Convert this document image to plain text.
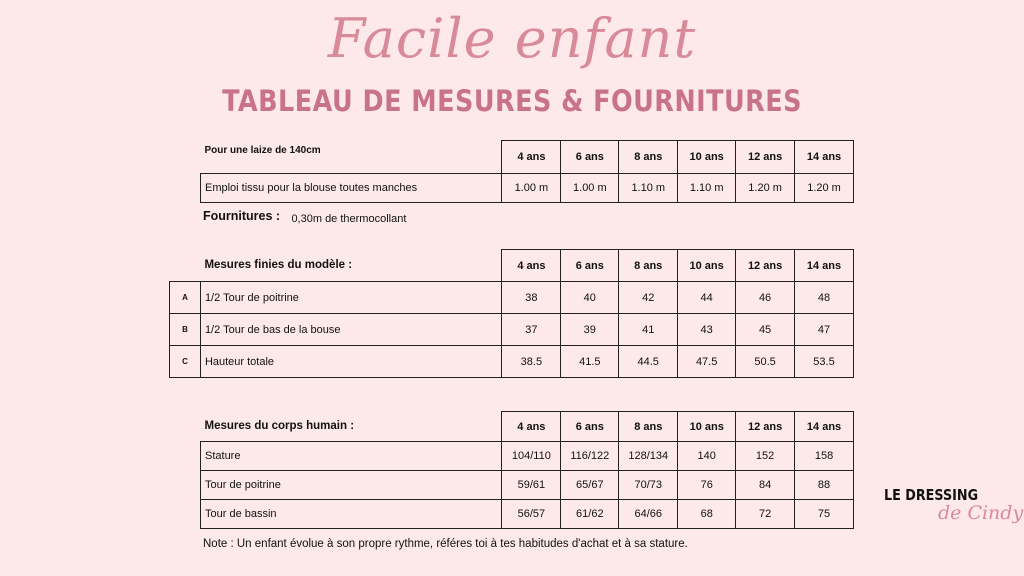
Facile enfant
TABLEAU DE MESURES & FOURNITURES
Pour une laize de 140cm	4 ans	6 ans	8 ans	10 ans	12 ans	14 ans
Emploi tissu pour la blouse toutes manches	1.00 m	1.00 m	1.10 m	1.10 m	1.20 m	1.20 m
Fournitures : 0,30m de thermocollant
	Mesures finies du modèle :	4 ans	6 ans	8 ans	10 ans	12 ans	14 ans
A	1/2 Tour de poitrine	38	40	42	44	46	48
B	1/2 Tour de bas de la bouse	37	39	41	43	45	47
C	Hauteur totale	38.5	41.5	44.5	47.5	50.5	53.5
Mesures du corps humain :	4 ans	6 ans	8 ans	10 ans	12 ans	14 ans
Stature	104/110	116/122	128/134	140	152	158
Tour de poitrine	59/61	65/67	70/73	76	84	88
Tour de bassin	56/57	61/62	64/66	68	72	75
Note : Un enfant évolue à son propre rythme, référes toi à tes habitudes d'achat et à sa stature.
LE DRESSING
de Cindy
